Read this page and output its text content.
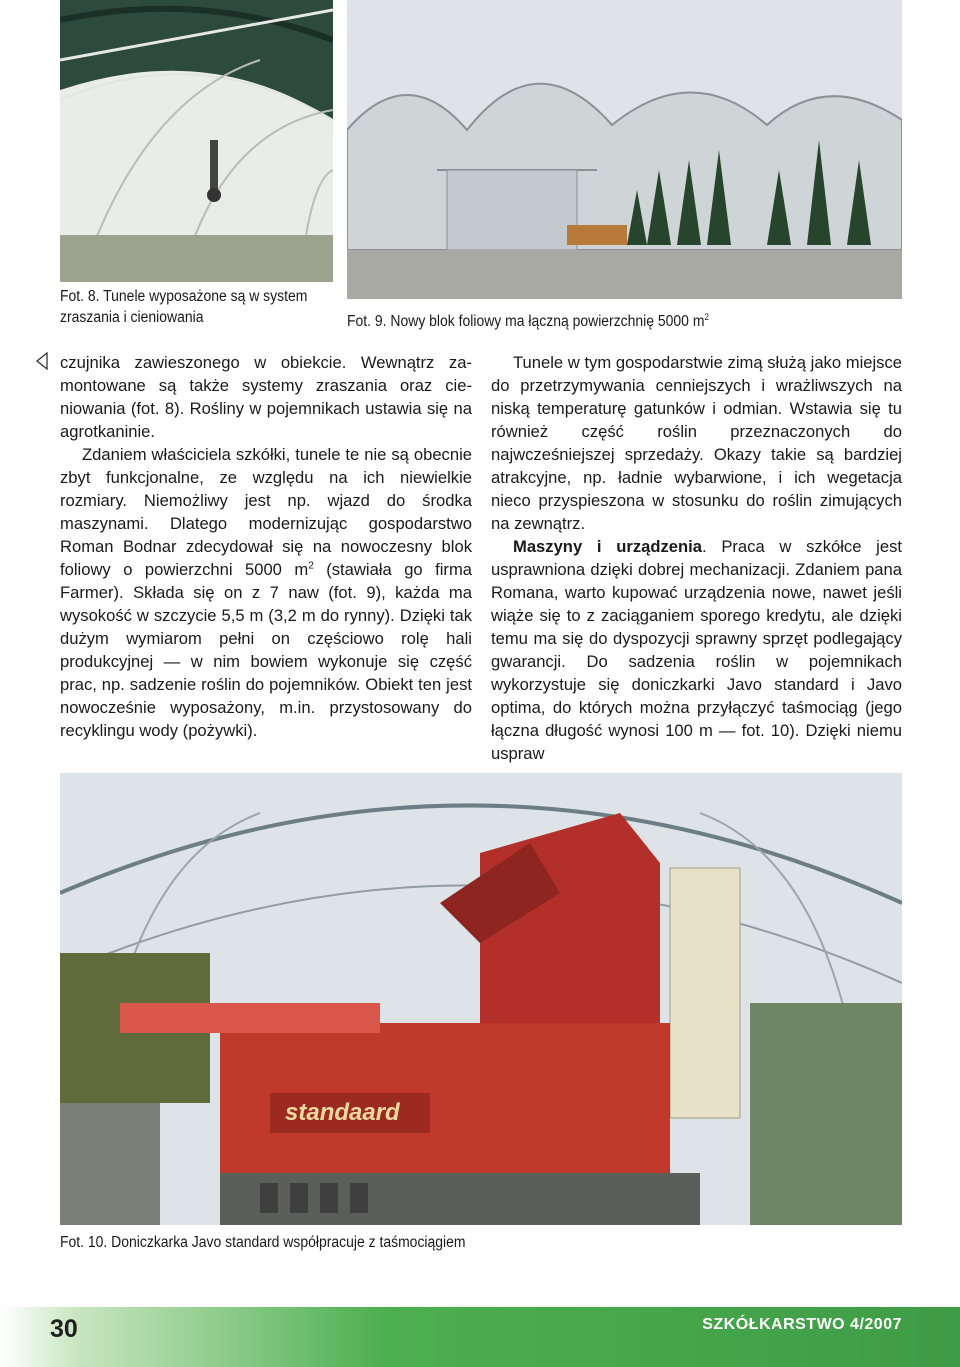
Fot. 8. Tunele wyposażone są w system
zraszania i cieniowania	Fot. 9. Nowy blok foliowy ma łączną powierzchnię 5000 $m^2$

czujnika zawieszonego w obiekcie. Wewnątrz zamontowane są także systemy zraszania oraz cieniowania (fot. 8). Rośliny w pojemnikach ustawia się na agrotkaninie.

Zdaniem właściciela szkółki, tunele te nie są obecnie zbyt funkcjonalne, ze względu na ich niewielkie rozmiary. Niemożliwy jest np. wjazd do środka maszynami. Dlatego modernizując gospodarstwo Roman Bodnar zdecydował się na nowoczesny blok foliowy o powierzchni 5000 $m^2$ (stawiała go firma Farmer). Składa się on z 7 naw (fot. 9), każda ma wysokość w szczycie 5,5 m (3,2 m do rynny). Dzięki tak dużym wymiarom pełni on częściowo rolę hali produkcyjnej — w nim bowiem wykonuje się część prac, np. sadzenie roślin do pojemników. Obiekt ten jest nowocześnie wyposażony, m.in. przystosowany do recyklingu wody (pożywki).

Tunele w tym gospodarstwie zimą służą jako miejsce do przetrzymywania cenniejszych i wrażliwszych na niską temperaturę gatunków i odmian. Wstawia się tu również część roślin przeznaczonych do najwcześniejszej sprzedaży. Okazy takie są bardziej atrakcyjne, np. ładnie wybarwione, i ich wegetacja nieco przyspieszona w stosunku do roślin zimujących na zewnątrz.

Maszyny i urządzenia. Praca w szkółce jest usprawniona dzięki dobrej mechanizacji. Zdaniem pana Romana, warto kupować urządzenia nowe, nawet jeśli wiąże się to z zaciąganiem sporego kredytu, ale dzięki temu ma się do dyspozycji sprawny sprzęt podlegający gwarancji. Do sadzenia roślin w pojemnikach wykorzystuje się doniczkarki Javo standard i Javo optima, do których można przyłączyć taśmociąg (jego łączna długość wynosi 100 m — fot. 10). Dzięki niemu uspraw

standaard
Fot. 10. Doniczkarka Javo standard współpracuje z taśmociągiem
30	SZKÓŁKARSTWO 4/2007
